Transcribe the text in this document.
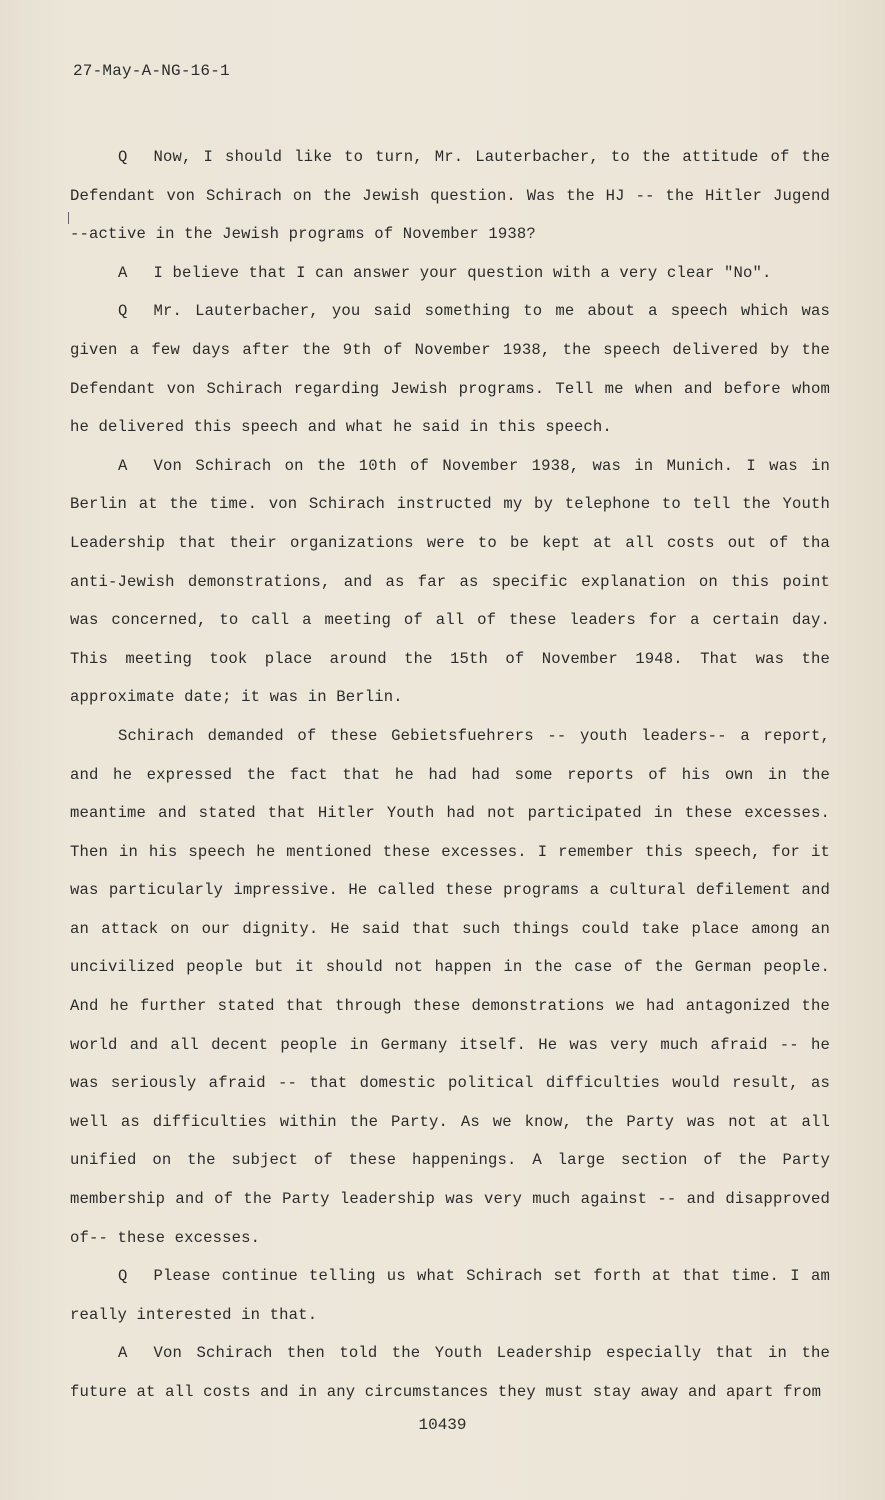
27-May-A-NG-16-1

Q Now, I should like to turn, Mr. Lauterbacher, to the attitude of the Defendant von Schirach on the Jewish question. Was the HJ -- the Hitler Jugend --active in the Jewish programs of November 1938?

A I believe that I can answer your question with a very clear "No".

Q Mr. Lauterbacher, you said something to me about a speech which was given a few days after the 9th of November 1938, the speech delivered by the Defendant von Schirach regarding Jewish programs. Tell me when and before whom he delivered this speech and what he said in this speech.

A Von Schirach on the 10th of November 1938, was in Munich. I was in Berlin at the time. von Schirach instructed my by telephone to tell the Youth Leadership that their organizations were to be kept at all costs out of tha anti-Jewish demonstrations, and as far as specific explanation on this point was concerned, to call a meeting of all of these leaders for a certain day. This meeting took place around the 15th of November 1948. That was the approximate date; it was in Berlin.

Schirach demanded of these Gebietsfuehrers -- youth leaders-- a report, and he expressed the fact that he had had some reports of his own in the meantime and stated that Hitler Youth had not participated in these excesses. Then in his speech he mentioned these excesses. I remember this speech, for it was particularly impressive. He called these programs a cultural defilement and an attack on our dignity. He said that such things could take place among an uncivilized people but it should not happen in the case of the German people. And he further stated that through these demonstrations we had antagonized the world and all decent people in Germany itself. He was very much afraid -- he was seriously afraid -- that domestic political difficulties would result, as well as difficulties within the Party. As we know, the Party was not at all unified on the subject of these happenings. A large section of the Party membership and of the Party leadership was very much against -- and disapproved of-- these excesses.

Q Please continue telling us what Schirach set forth at that time. I am really interested in that.

A Von Schirach then told the Youth Leadership especially that in the future at all costs and in any circumstances they must stay away and apart from

10439
